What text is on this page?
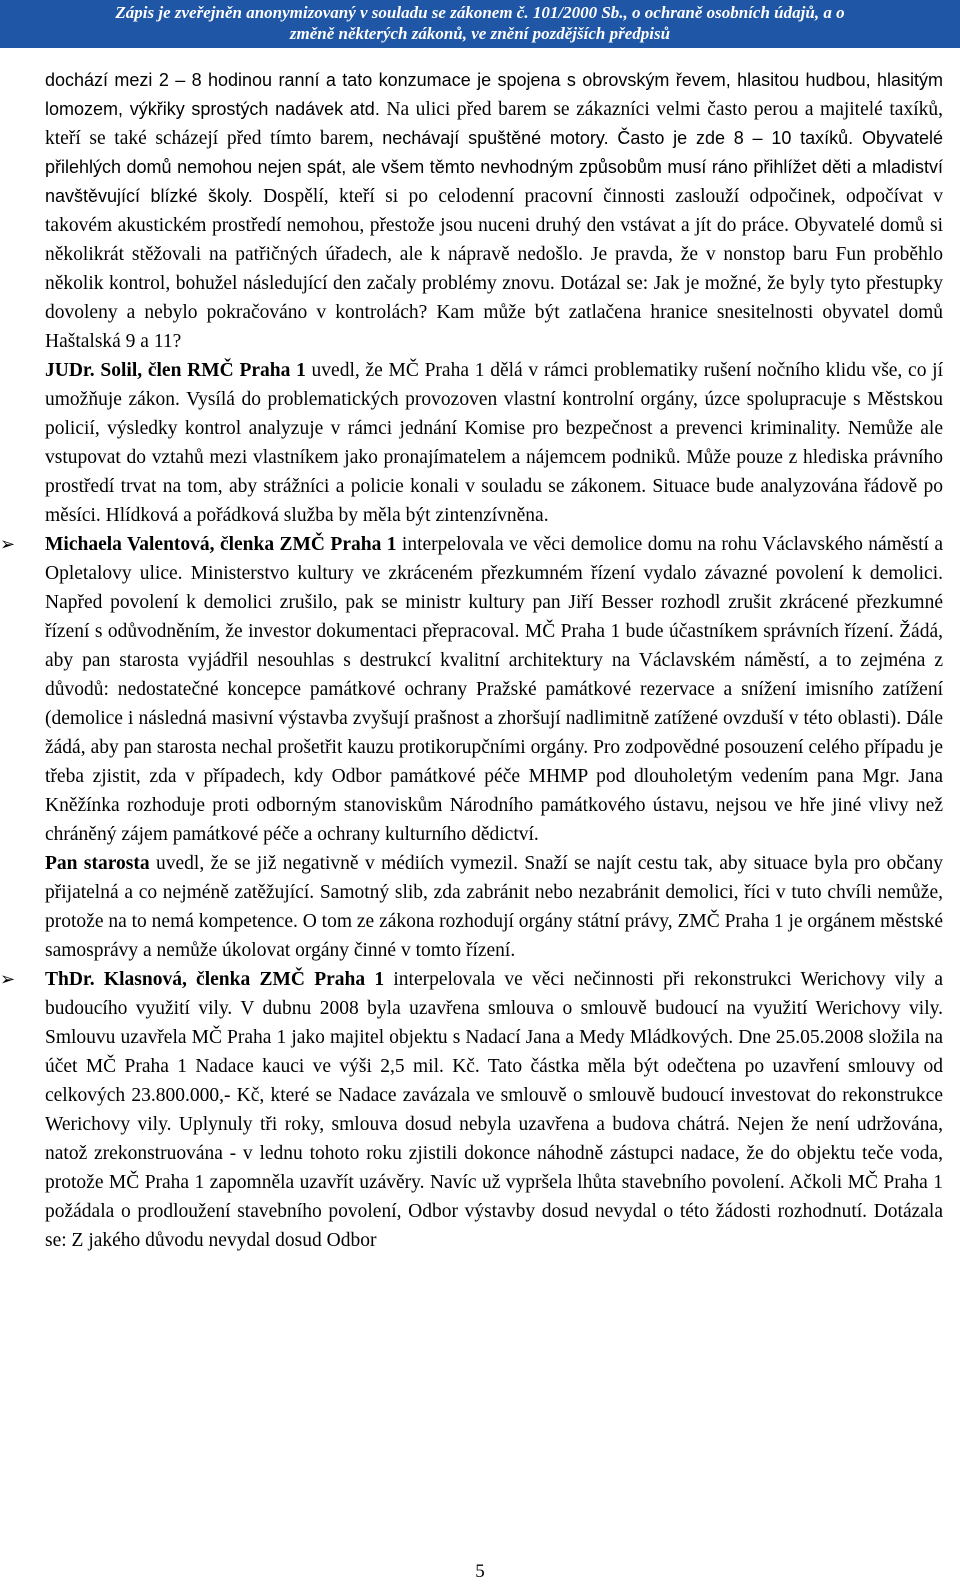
Zápis je zveřejněn anonymizovaný v souladu se zákonem č. 101/2000 Sb., o ochraně osobních údajů, a o
změně některých zákonů, ve znění pozdějších předpisů

dochází mezi 2 – 8 hodinou ranní a tato konzumace je spojena s obrovským řevem, hlasitou hudbou, hlasitým lomozem, výkřiky sprostých nadávek atd. Na ulici před barem se zákazníci velmi často perou a majitelé taxíků, kteří se také scházejí před tímto barem, nechávají spuštěné motory. Často je zde 8 – 10 taxíků. Obyvatelé přilehlých domů nemohou nejen spát, ale všem těmto nevhodným způsobům musí ráno přihlížet děti a mladiství navštěvující blízké školy. Dospělí, kteří si po celodenní pracovní činnosti zaslouží odpočinek, odpočívat v takovém akustickém prostředí nemohou, přestože jsou nuceni druhý den vstávat a jít do práce. Obyvatelé domů si několikrát stěžovali na patřičných úřadech, ale k nápravě nedošlo. Je pravda, že v nonstop baru Fun proběhlo několik kontrol, bohužel následující den začaly problémy znovu. Dotázal se: Jak je možné, že byly tyto přestupky dovoleny a nebylo pokračováno v kontrolách? Kam může být zatlačena hranice snesitelnosti obyvatel domů Haštalská 9 a 11?

JUDr. Solil, člen RMČ Praha 1 uvedl, že MČ Praha 1 dělá v rámci problematiky rušení nočního klidu vše, co jí umožňuje zákon. Vysílá do problematických provozoven vlastní kontrolní orgány, úzce spolupracuje s Městskou policií, výsledky kontrol analyzuje v rámci jednání Komise pro bezpečnost a prevenci kriminality. Nemůže ale vstupovat do vztahů mezi vlastníkem jako pronajímatelem a nájemcem podniků. Může pouze z hlediska právního prostředí trvat na tom, aby strážníci a policie konali v souladu se zákonem. Situace bude analyzována řádově po měsíci. Hlídková a pořádková služba by měla být zintenzívněna.

➢	Michaela Valentová, členka ZMČ Praha 1 interpelovala ve věci demolice domu na rohu Václavského náměstí a Opletalovy ulice. Ministerstvo kultury ve zkráceném přezkumném řízení vydalo závazné povolení k demolici. Napřed povolení k demolici zrušilo, pak se ministr kultury pan Jiří Besser rozhodl zrušit zkrácené přezkumné řízení s odůvodněním, že investor dokumentaci přepracoval. MČ Praha 1 bude účastníkem správních řízení. Žádá, aby pan starosta vyjádřil nesouhlas s destrukcí kvalitní architektury na Václavském náměstí, a to zejména z důvodů: nedostatečné koncepce památkové ochrany Pražské památkové rezervace a snížení imisního zatížení (demolice i následná masivní výstavba zvyšují prašnost a zhoršují nadlimitně zatížené ovzduší v této oblasti). Dále žádá, aby pan starosta nechal prošetřit kauzu protikorupčními orgány. Pro zodpovědné posouzení celého případu je třeba zjistit, zda v případech, kdy Odbor památkové péče MHMP pod dlouholetým vedením pana Mgr. Jana Kněžínka rozhoduje proti odborným stanoviskům Národního památkového ústavu, nejsou ve hře jiné vlivy než chráněný zájem památkové péče a ochrany kulturního dědictví.

Pan starosta uvedl, že se již negativně v médiích vymezil. Snaží se najít cestu tak, aby situace byla pro občany přijatelná a co nejméně zatěžující. Samotný slib, zda zabránit nebo nezabránit demolici, říci v tuto chvíli nemůže, protože na to nemá kompetence. O tom ze zákona rozhodují orgány státní právy, ZMČ Praha 1 je orgánem městské samosprávy a nemůže úkolovat orgány činné v tomto řízení.

➢	ThDr. Klasnová, členka ZMČ Praha 1 interpelovala ve věci nečinnosti při rekonstrukci Werichovy vily a budoucího využití vily. V dubnu 2008 byla uzavřena smlouva o smlouvě budoucí na využití Werichovy vily. Smlouvu uzavřela MČ Praha 1 jako majitel objektu s Nadací Jana a Medy Mládkových. Dne 25.05.2008 složila na účet MČ Praha 1 Nadace kauci ve výši 2,5 mil. Kč. Tato částka měla být odečtena po uzavření smlouvy od celkových 23.800.000,- Kč, které se Nadace zavázala ve smlouvě o smlouvě budoucí investovat do rekonstrukce Werichovy vily. Uplynuly tři roky, smlouva dosud nebyla uzavřena a budova chátrá. Nejen že není udržována, natož zrekonstruována - v lednu tohoto roku zjistili dokonce náhodně zástupci nadace, že do objektu teče voda, protože MČ Praha 1 zapomněla uzavřít uzávěry. Navíc už vypršela lhůta stavebního povolení. Ačkoli MČ Praha 1 požádala o prodloužení stavebního povolení, Odbor výstavby dosud nevydal o této žádosti rozhodnutí. Dotázala se: Z jakého důvodu nevydal dosud Odbor

5
